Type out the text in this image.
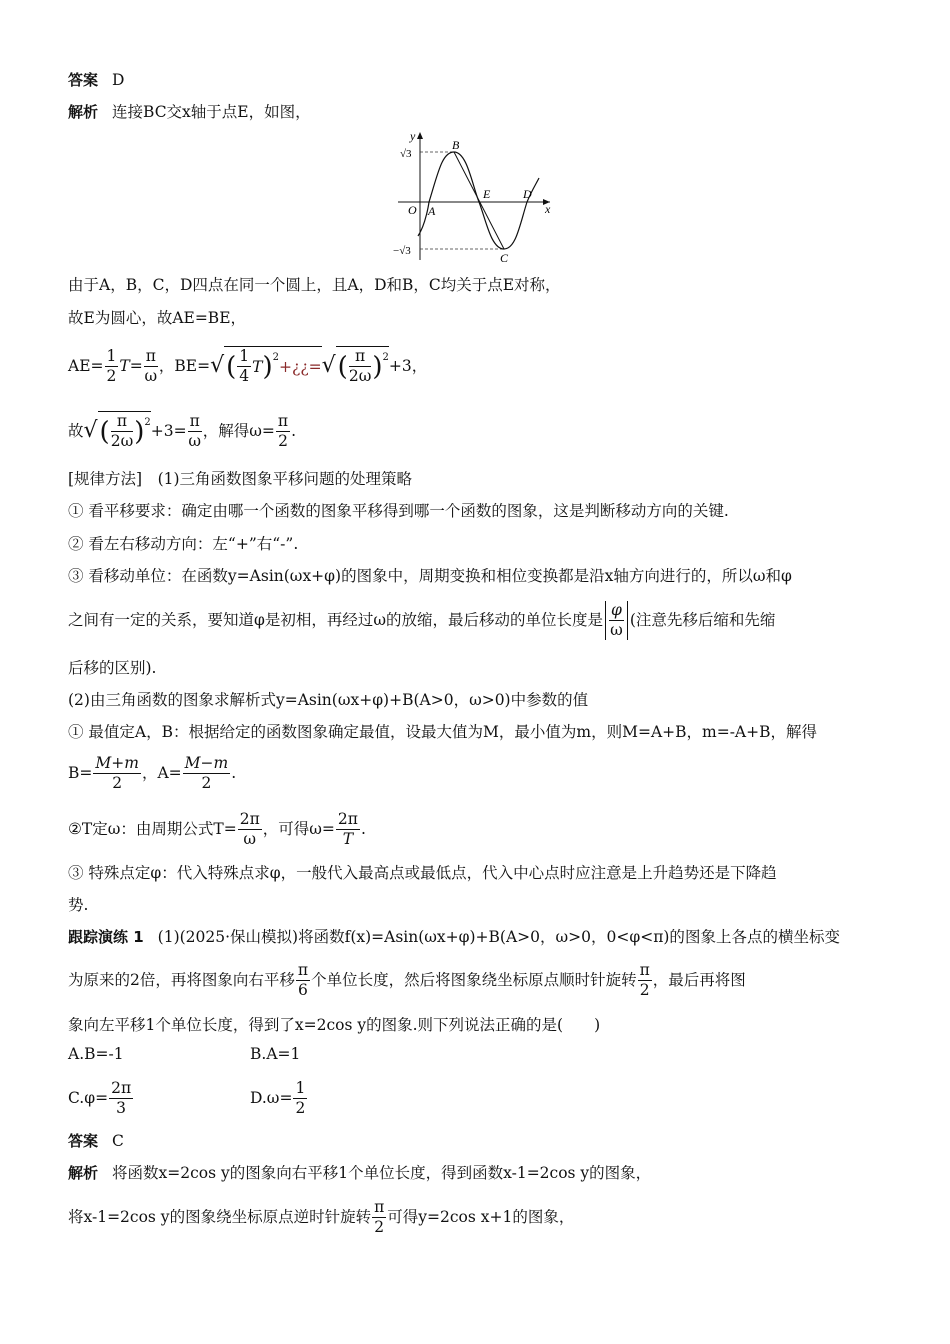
答案 D
解析 连接BC交x轴于点E，如图，
y
x
O
√3
−√3
A
B
E	D
C
由于A，B，C，D四点在同一个圆上，且A，D和B，C均关于点E对称，
故E为圆心，故AE=BE，
$AE= \frac{1}{2} T= \frac{\pi}{\omega}$ ，BE= √ ( $\frac{1}{4}$ T )$^2$ +¿¿= √ ( $\frac{\pi}{2\omega} )^2 +3$，
故 √ ( $\frac{\pi}{2\omega} )^2 +3= \frac{\pi}{\omega}$ ，解得$\omega= \frac{\pi}{2}$ .
[规律方法]　(1)三角函数图象平移问题的处理策略
① 看平移要求：确定由哪一个函数的图象平移得到哪一个函数的图象，这是判断移动方向的关键.
② 看左右移动方向：左“+”右“-”.
③ 看移动单位：在函数y=Asin(ωx+φ)的图象中，周期变换和相位变换都是沿x轴方向进行的，所以ω和φ
之间有一定的关系，要知道φ是初相，再经过ω的放缩，最后移动的单位长度是 $\frac{\varphi}{\omega}$ (注意先移后缩和先缩
后移的区别).
(2)由三角函数的图象求解析式y=Asin(ωx+φ)+B(A>0，ω>0)中参数的值
① 最值定A，B：根据给定的函数图象确定最值，设最大值为M，最小值为m，则M=A+B，m=-A+B，解得
$B= \frac{M+m}{2}$ ，$A= \frac{M-m}{2}$ .
②T定ω：由周期公式$T= \frac{2\pi}{\omega}$ ，可得$\omega= \frac{2\pi}{T}$ .
③ 特殊点定φ：代入特殊点求φ，一般代入最高点或最低点，代入中心点时应注意是上升趋势还是下降趋
势.
跟踪演练 1 (1)(2025·保山模拟)将函数f(x)=Asin(ωx+φ)+B(A>0，ω>0，0<φ<π)的图象上各点的横坐标变
为原来的2倍，再将图象向右平移 $\frac{\pi}{6}$ 个单位长度，然后将图象绕坐标原点顺时针旋转 $\frac{\pi}{2}$ ，最后再将图
象向左平移1个单位长度，得到了x=2cos y的图象.则下列说法正确的是(　　)
A.B=-1	B.A=1
$C.\varphi= \frac{2\pi}{3}$	$D.\omega= \frac{1}{2}$
答案 C
解析 将函数x=2cos y的图象向右平移1个单位长度，得到函数x-1=2cos y的图象，
将x-1=2cos y的图象绕坐标原点逆时针旋转 $\frac{\pi}{2}$ 可得y=2cos x+1的图象，
